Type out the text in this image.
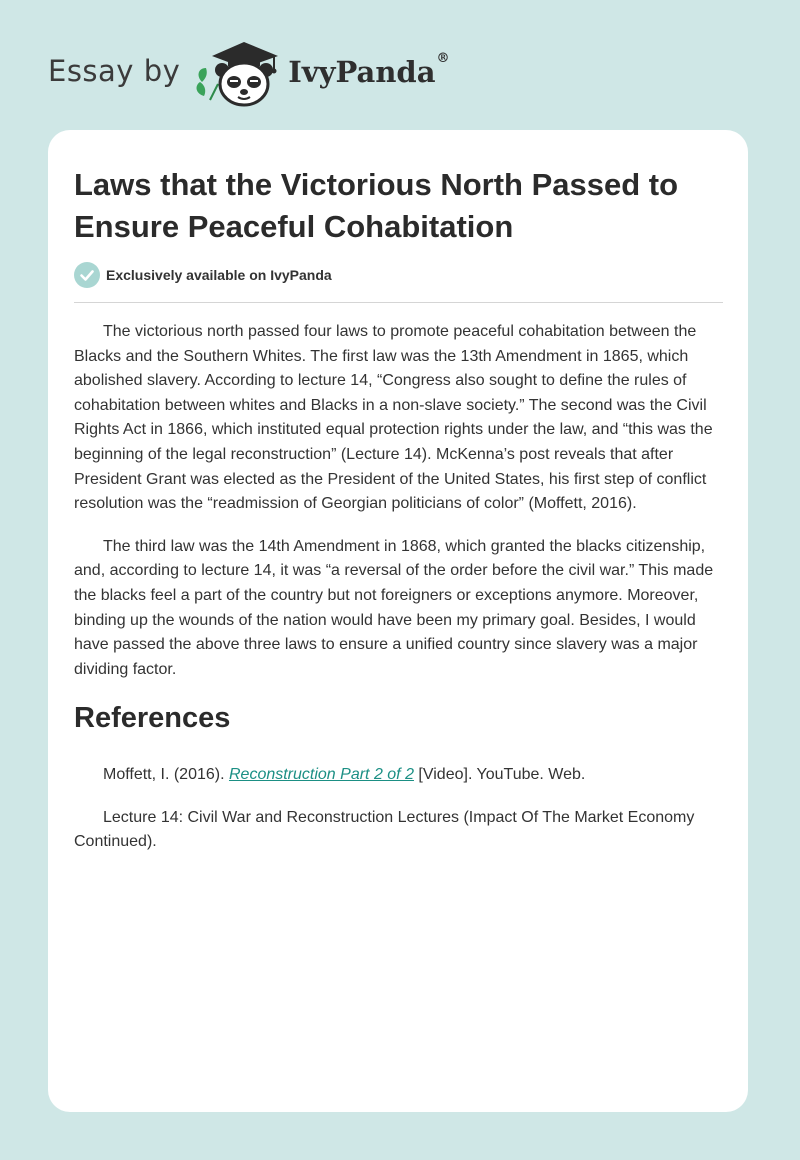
Essay by	IvyPanda®
Laws that the Victorious North Passed to Ensure Peaceful Cohabitation
Exclusively available on IvyPanda

The victorious north passed four laws to promote peaceful cohabitation between the Blacks and the Southern Whites. The first law was the 13th Amendment in 1865, which abolished slavery. According to lecture 14, “Congress also sought to define the rules of cohabitation between whites and Blacks in a non-slave society.” The second was the Civil Rights Act in 1866, which instituted equal protection rights under the law, and “this was the beginning of the legal reconstruction” (Lecture 14). McKenna’s post reveals that after President Grant was elected as the President of the United States, his first step of conflict resolution was the “readmission of Georgian politicians of color” (Moffett, 2016).

The third law was the 14th Amendment in 1868, which granted the blacks citizenship, and, according to lecture 14, it was “a reversal of the order before the civil war.” This made the blacks feel a part of the country but not foreigners or exceptions anymore. Moreover, binding up the wounds of the nation would have been my primary goal. Besides, I would have passed the above three laws to ensure a unified country since slavery was a major dividing factor.

References

Moffett, I. (2016). Reconstruction Part 2 of 2 [Video]. YouTube. Web.

Lecture 14: Civil War and Reconstruction Lectures (Impact Of The Market Economy Continued).
